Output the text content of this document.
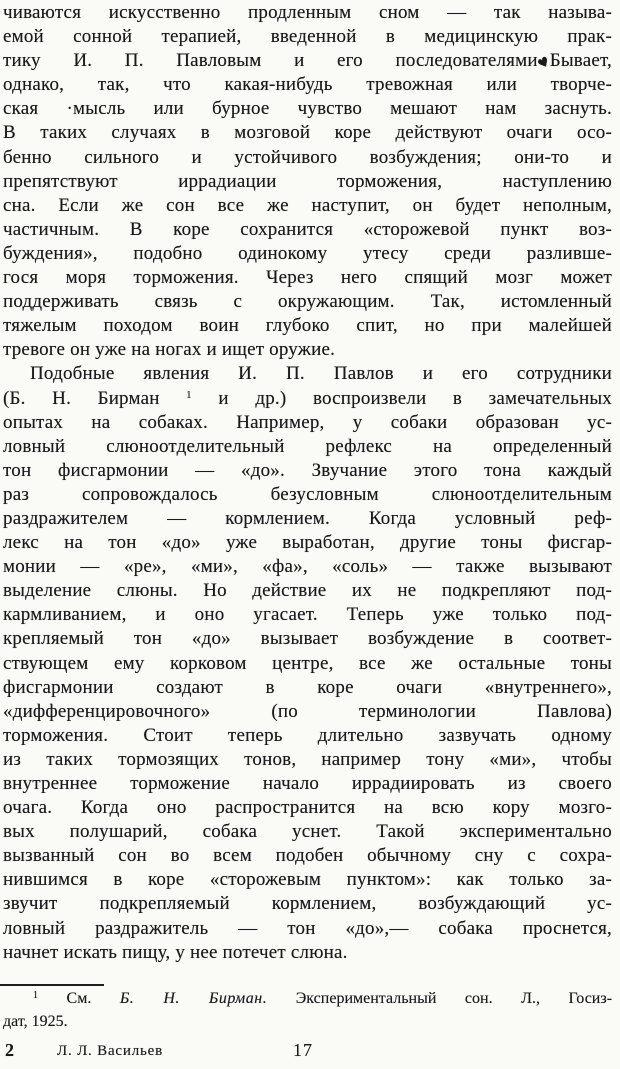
чиваются искусственно продленным сном — так называ-
емой сонной терапией, введенной в медицинскую прак-
тику И. П. Павловым и его последователями♥Бывает,
однако, так, что какая-нибудь тревожная или творче-
ская ·мысль или бурное чувство мешают нам заснуть.
В таких случаях в мозговой коре действуют очаги осо-
бенно сильного и устойчивого возбуждения; они-то и
препятствуют иррадиации торможения, наступлению
сна. Если же сон все же наступит, он будет неполным,
частичным. В коре сохранится «сторожевой пункт воз-
буждения», подобно одинокому утесу среди разливше-
гося моря торможения. Через него спящий мозг может
поддерживать связь с окружающим. Так, истомленный
тяжелым походом воин глубоко спит, но при малейшей
тревоге он уже на ногах и ищет оружие.
Подобные явления И. П. Павлов и его сотрудники
(Б. Н. Бирман $^1$ и др.) воспроизвели в замечательных
опытах на собаках. Например, у собаки образован ус-
ловный слюноотделительный рефлекс на определенный
тон фисгармонии — «до». Звучание этого тона каждый
раз сопровождалось безусловным слюноотделительным
раздражителем — кормлением. Когда условный реф-
лекс на тон «до» уже выработан, другие тоны фисгар-
монии — «ре», «ми», «фа», «соль» — также вызывают
выделение слюны. Но действие их не подкрепляют под-
кармливанием, и оно угасает. Теперь уже только под-
крепляемый тон «до» вызывает возбуждение в соответ-
ствующем ему корковом центре, все же остальные тоны
фисгармонии создают в коре очаги «внутреннего»,
«дифференцировочного» (по терминологии Павлова)
торможения. Стоит теперь длительно зазвучать одному
из таких тормозящих тонов, например тону «ми», чтобы
внутреннее торможение начало иррадиировать из своего
очага. Когда оно распространится на всю кору мозго-
вых полушарий, собака уснет. Такой экспериментально
вызванный сон во всем подобен обычному сну с сохра-
нившимся в коре «сторожевым пунктом»: как только за-
звучит подкрепляемый кормлением, возбуждающий ус-
ловный раздражитель — тон «до»,— собака проснется,
начнет искать пищу, у нее потечет слюна.
$^1$ См. Б. Н. Бирман. Экспериментальный сон. Л., Госиз-
дат, 1925.
2	Л. Л. Васильев	17
